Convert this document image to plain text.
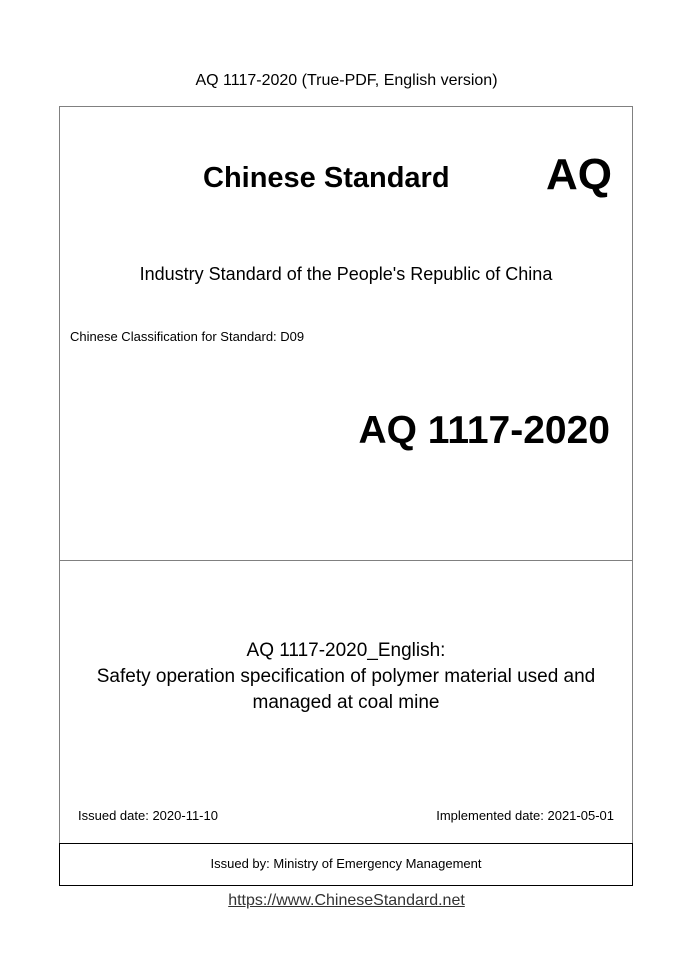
AQ 1117-2020 (True-PDF, English version)
Chinese Standard AQ
Industry Standard of the People's Republic of China
Chinese Classification for Standard: D09
AQ 1117-2020
AQ 1117-2020_English:
Safety operation specification of polymer material used and
managed at coal mine
Issued date: 2020-11-10	Implemented date: 2021-05-01
Issued by: Ministry of Emergency Management
https://www.ChineseStandard.net
